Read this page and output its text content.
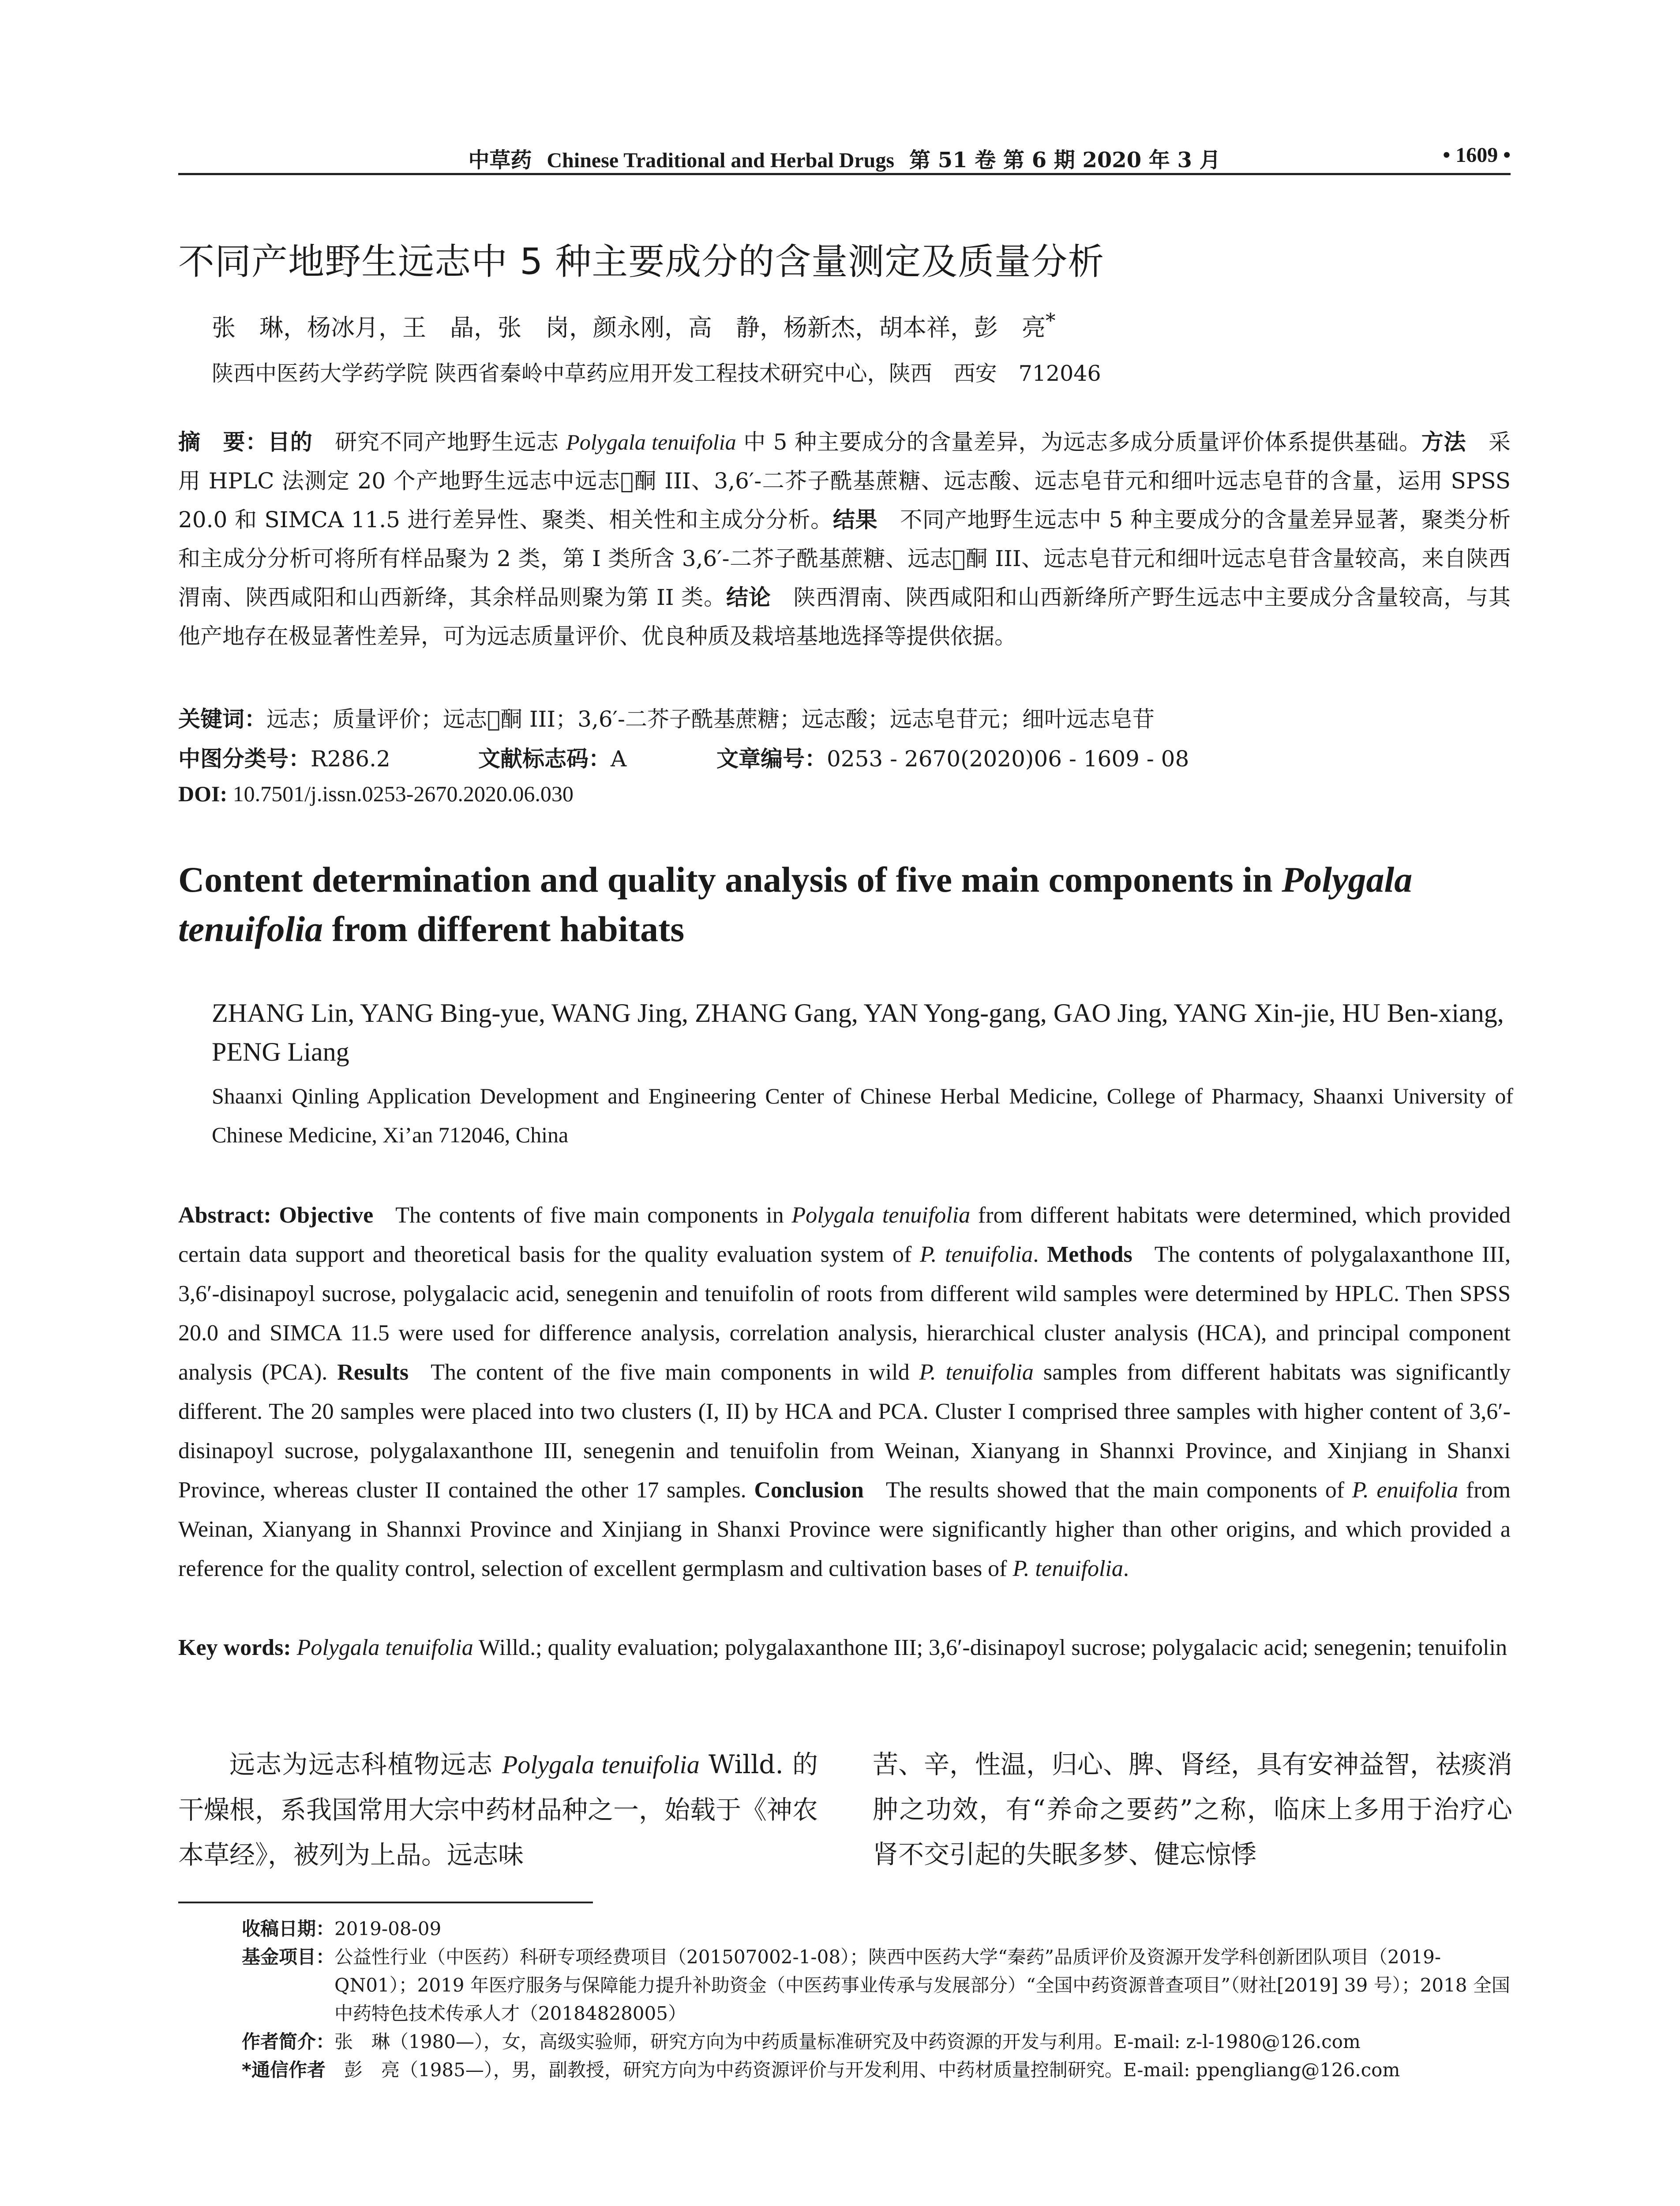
中草药 Chinese Traditional and Herbal Drugs 第 51 卷 第 6 期 2020 年 3 月	• 1609 •
不同产地野生远志中 5 种主要成分的含量测定及质量分析
张　琳，杨冰月，王　晶，张　岗，颜永刚，高　静，杨新杰，胡本祥，彭　亮*
陕西中医药大学药学院 陕西省秦岭中草药应用开发工程技术研究中心，陕西　西安　712046
摘　要：目的 研究不同产地野生远志 Polygala tenuifolia 中 5 种主要成分的含量差异，为远志多成分质量评价体系提供基础。方法 采用 HPLC 法测定 20 个产地野生远志中远志𠯤酮 III、3,6′-二芥子酰基蔗糖、远志酸、远志皂苷元和细叶远志皂苷的含量，运用 SPSS 20.0 和 SIMCA 11.5 进行差异性、聚类、相关性和主成分分析。结果 不同产地野生远志中 5 种主要成分的含量差异显著，聚类分析和主成分分析可将所有样品聚为 2 类，第 I 类所含 3,6′-二芥子酰基蔗糖、远志𠯤酮 III、远志皂苷元和细叶远志皂苷含量较高，来自陕西渭南、陕西咸阳和山西新绛，其余样品则聚为第 II 类。结论 陕西渭南、陕西咸阳和山西新绛所产野生远志中主要成分含量较高，与其他产地存在极显著性差异，可为远志质量评价、优良种质及栽培基地选择等提供依据。
关键词：远志；质量评价；远志𠯤酮 III；3,6′-二芥子酰基蔗糖；远志酸；远志皂苷元；细叶远志皂苷
中图分类号：R286.2	文献标志码：A	文章编号：0253 - 2670(2020)06 - 1609 - 08
DOI: 10.7501/j.issn.0253-2670.2020.06.030
Content determination and quality analysis of five main components in Polygala tenuifolia from different habitats
ZHANG Lin, YANG Bing-yue, WANG Jing, ZHANG Gang, YAN Yong-gang, GAO Jing, YANG Xin-jie, HU Ben-xiang, PENG Liang
Shaanxi Qinling Application Development and Engineering Center of Chinese Herbal Medicine, College of Pharmacy, Shaanxi University of Chinese Medicine, Xi’an 712046, China
Abstract: Objective The contents of five main components in Polygala tenuifolia from different habitats were determined, which provided certain data support and theoretical basis for the quality evaluation system of P. tenuifolia. Methods The contents of polygalaxanthone III, 3,6′-disinapoyl sucrose, polygalacic acid, senegenin and tenuifolin of roots from different wild samples were determined by HPLC. Then SPSS 20.0 and SIMCA 11.5 were used for difference analysis, correlation analysis, hierarchical cluster analysis (HCA), and principal component analysis (PCA). Results The content of the five main components in wild P. tenuifolia samples from different habitats was significantly different. The 20 samples were placed into two clusters (I, II) by HCA and PCA. Cluster I comprised three samples with higher content of 3,6′-disinapoyl sucrose, polygalaxanthone III, senegenin and tenuifolin from Weinan, Xianyang in Shannxi Province, and Xinjiang in Shanxi Province, whereas cluster II contained the other 17 samples. Conclusion The results showed that the main components of P. enuifolia from Weinan, Xianyang in Shannxi Province and Xinjiang in Shanxi Province were significantly higher than other origins, and which provided a reference for the quality control, selection of excellent germplasm and cultivation bases of P. tenuifolia.
Key words: Polygala tenuifolia Willd.; quality evaluation; polygalaxanthone III; 3,6′-disinapoyl sucrose; polygalacic acid; senegenin; tenuifolin
远志为远志科植物远志 Polygala tenuifolia Willd. 的干燥根，系我国常用大宗中药材品种之一，始载于《神农本草经》，被列为上品。远志味
苦、辛，性温，归心、脾、肾经，具有安神益智，祛痰消肿之功效，有“养命之要药”之称，临床上多用于治疗心肾不交引起的失眠多梦、健忘惊悸
收稿日期： 2019-08-09
基金项目： 公益性行业（中医药）科研专项经费项目（201507002-1-08）；陕西中医药大学“秦药”品质评价及资源开发学科创新团队项目（2019-QN01）；2019 年医疗服务与保障能力提升补助资金（中医药事业传承与发展部分）“全国中药资源普查项目”（财社[2019] 39 号）；2018 全国中药特色技术传承人才（20184828005）
作者简介： 张　琳（1980—），女，高级实验师，研究方向为中药质量标准研究及中药资源的开发与利用。E-mail: z-l-1980@126.com
*通信作者 　彭　亮（1985—），男，副教授，研究方向为中药资源评价与开发利用、中药材质量控制研究。E-mail: ppengliang@126.com
